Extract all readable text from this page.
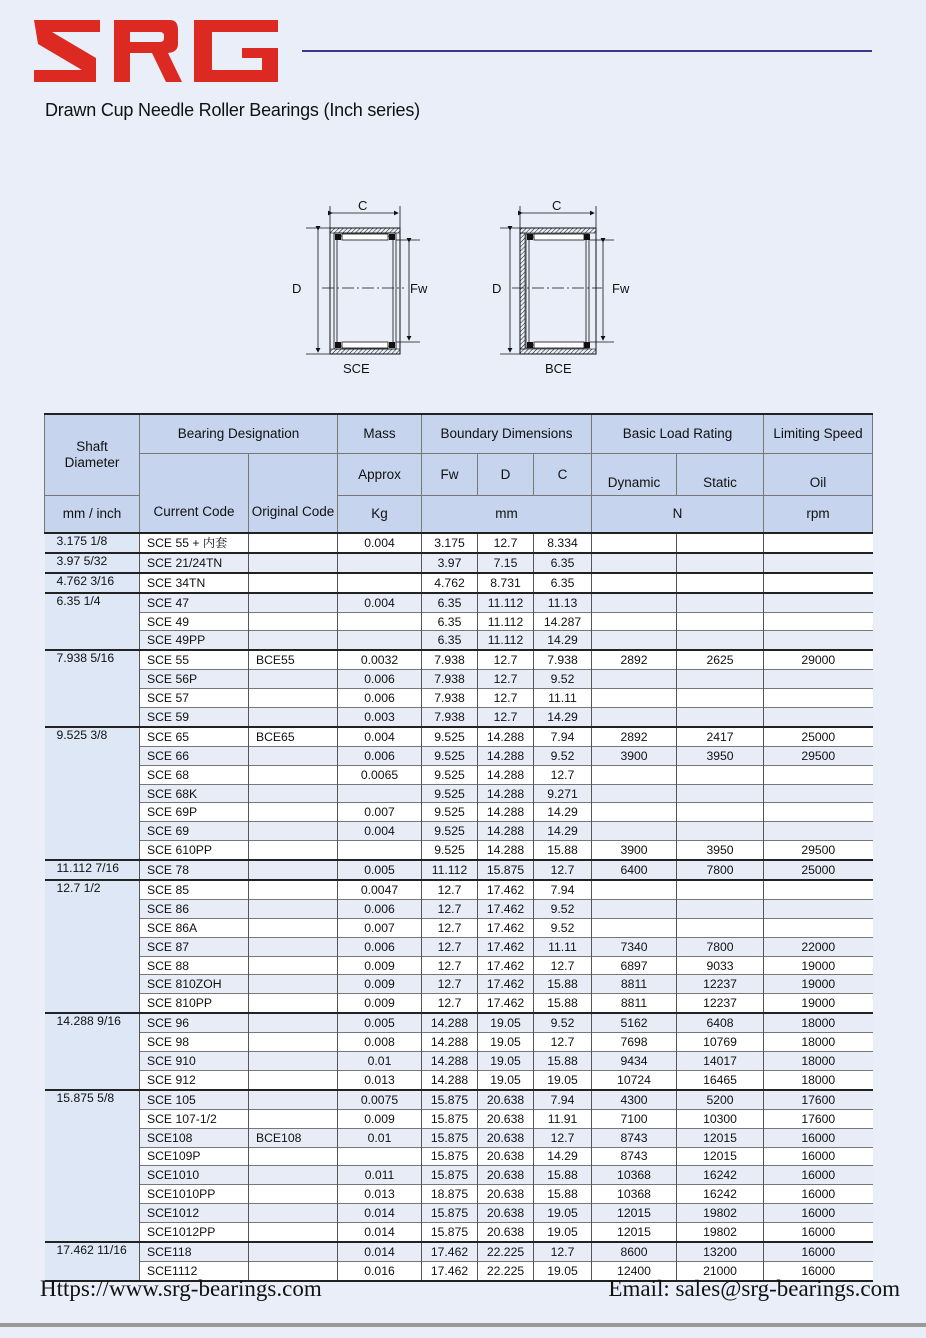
Drawn Cup Needle Roller Bearings (Inch series)
C
D	Fw
SCE
C
D	Fw
BCE
Shaft Diameter	Bearing Designation		Mass	Boundary Dimensions			Basic Load Rating		Limiting Speed
	Current Code	Original Code	Approx	Fw	D	C	Dynamic	Static	Oil
mm / inch			Kg	mm			N		rpm
3.175 1/8	SCE 55 + 内套		0.004	3.175	12.7	8.334			
3.97 5/32	SCE 21/24TN			3.97	7.15	6.35			
4.762 3/16	SCE 34TN			4.762	8.731	6.35			
6.35 1/4	SCE 47		0.004	6.35	11.112	11.13			
	SCE 49			6.35	11.112	14.287			
	SCE 49PP			6.35	11.112	14.29			
7.938 5/16	SCE 55	BCE55	0.0032	7.938	12.7	7.938	2892	2625	29000
	SCE 56P		0.006	7.938	12.7	9.52			
	SCE 57		0.006	7.938	12.7	11.11			
	SCE 59		0.003	7.938	12.7	14.29			
9.525 3/8	SCE 65	BCE65	0.004	9.525	14.288	7.94	2892	2417	25000
	SCE 66		0.006	9.525	14.288	9.52	3900	3950	29500
	SCE 68		0.0065	9.525	14.288	12.7			
	SCE 68K			9.525	14.288	9.271			
	SCE 69P		0.007	9.525	14.288	14.29			
	SCE 69		0.004	9.525	14.288	14.29			
	SCE 610PP			9.525	14.288	15.88	3900	3950	29500
11.112 7/16	SCE 78		0.005	11.112	15.875	12.7	6400	7800	25000
12.7 1/2	SCE 85		0.0047	12.7	17.462	7.94			
	SCE 86		0.006	12.7	17.462	9.52			
	SCE 86A		0.007	12.7	17.462	9.52			
	SCE 87		0.006	12.7	17.462	11.11	7340	7800	22000
	SCE 88		0.009	12.7	17.462	12.7	6897	9033	19000
	SCE 810ZOH		0.009	12.7	17.462	15.88	8811	12237	19000
	SCE 810PP		0.009	12.7	17.462	15.88	8811	12237	19000
14.288 9/16	SCE 96		0.005	14.288	19.05	9.52	5162	6408	18000
	SCE 98		0.008	14.288	19.05	12.7	7698	10769	18000
	SCE 910		0.01	14.288	19.05	15.88	9434	14017	18000
	SCE 912		0.013	14.288	19.05	19.05	10724	16465	18000
15.875 5/8	SCE 105		0.0075	15.875	20.638	7.94	4300	5200	17600
	SCE 107-1/2		0.009	15.875	20.638	11.91	7100	10300	17600
	SCE108	BCE108	0.01	15.875	20.638	12.7	8743	12015	16000
	SCE109P			15.875	20.638	14.29	8743	12015	16000
	SCE1010		0.011	15.875	20.638	15.88	10368	16242	16000
	SCE1010PP		0.013	18.875	20.638	15.88	10368	16242	16000
	SCE1012		0.014	15.875	20.638	19.05	12015	19802	16000
	SCE1012PP		0.014	15.875	20.638	19.05	12015	19802	16000
17.462 11/16	SCE118		0.014	17.462	22.225	12.7	8600	13200	16000
	SCE1112		0.016	17.462	22.225	19.05	12400	21000	16000
Https://www.srg-bearings.com	Email: sales@srg-bearings.com
